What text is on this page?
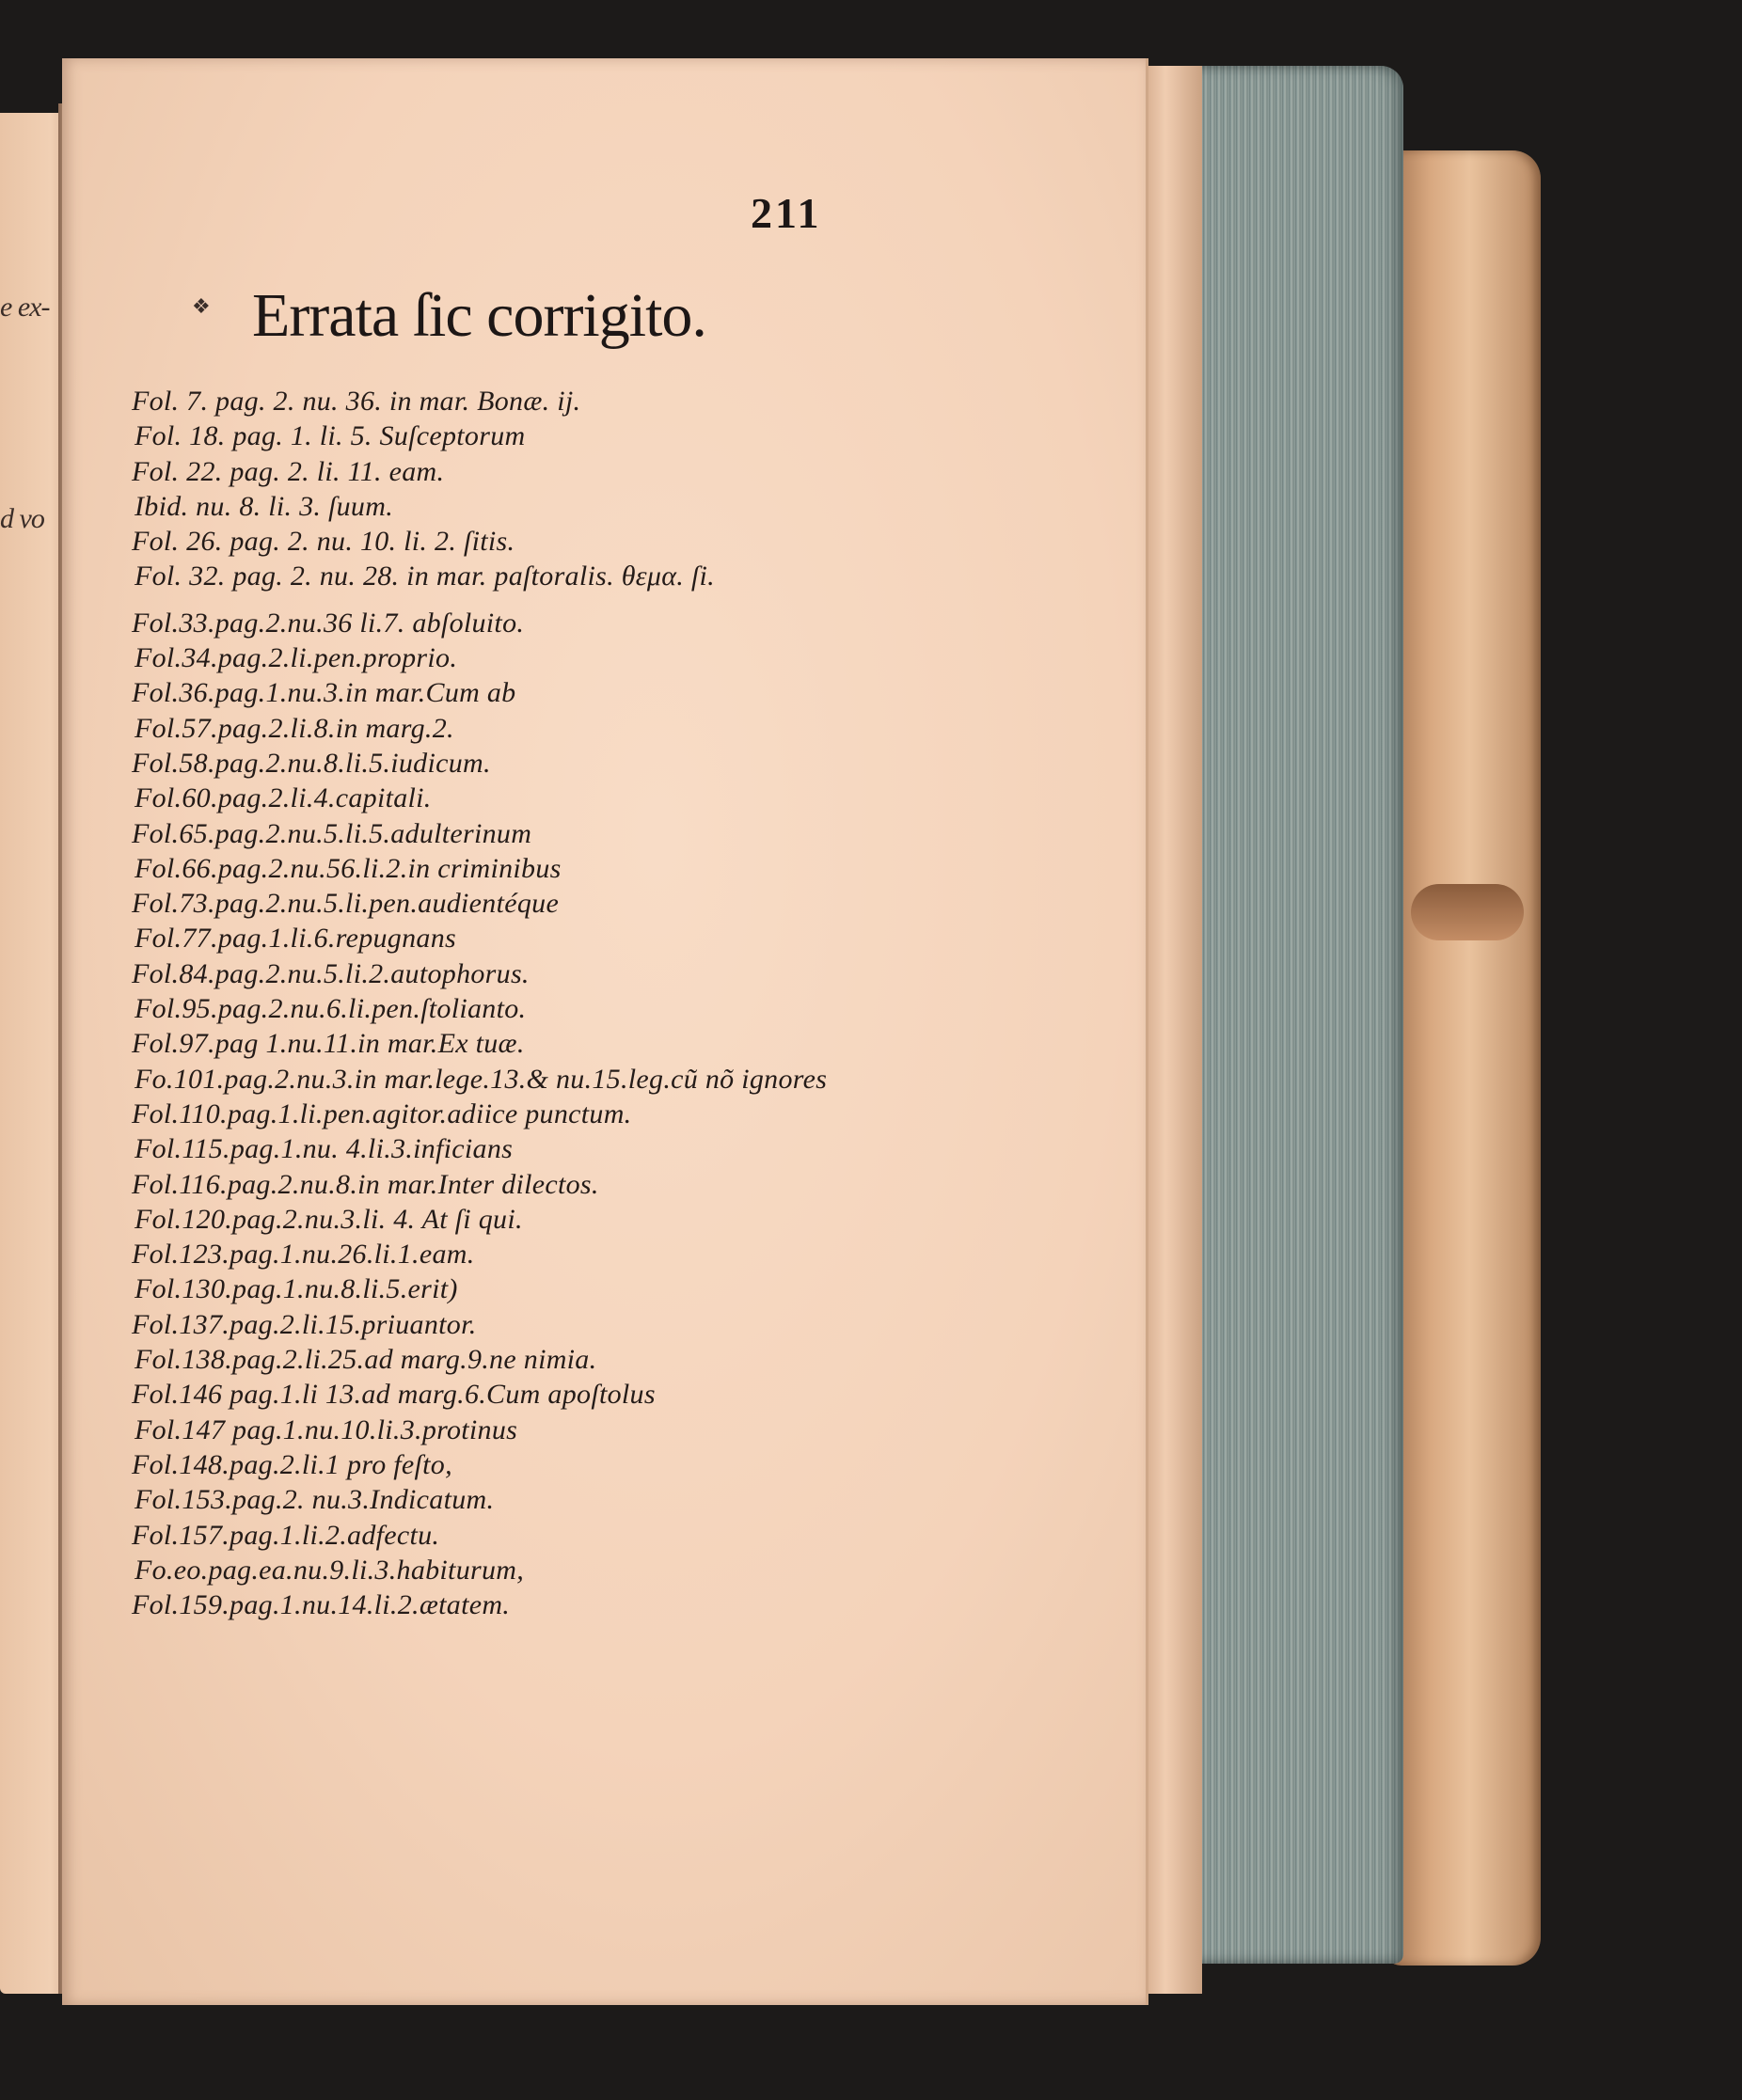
e ex-
d vo
211
❖ Errata ſic corrigito.
Fol. 7. pag. 2. nu. 36. in mar. Bonæ. ij.
Fol. 18. pag. 1. li. 5. Suſceptorum
Fol. 22. pag. 2. li. 11. eam.
Ibid. nu. 8. li. 3. ſuum.
Fol. 26. pag. 2. nu. 10. li. 2. ſitis.
Fol. 32. pag. 2. nu. 28. in mar. paſtoralis. θεμα. ſi.
Fol.33.pag.2.nu.36 li.7. abſoluito.
Fol.34.pag.2.li.pen.proprio.
Fol.36.pag.1.nu.3.in mar.Cum ab
Fol.57.pag.2.li.8.in marg.2.
Fol.58.pag.2.nu.8.li.5.iudicum.
Fol.60.pag.2.li.4.capitali.
Fol.65.pag.2.nu.5.li.5.adulterinum
Fol.66.pag.2.nu.56.li.2.in criminibus
Fol.73.pag.2.nu.5.li.pen.audientéque
Fol.77.pag.1.li.6.repugnans
Fol.84.pag.2.nu.5.li.2.autophorus.
Fol.95.pag.2.nu.6.li.pen.ſtolianto.
Fol.97.pag 1.nu.11.in mar.Ex tuæ.
Fo.101.pag.2.nu.3.in mar.lege.13.& nu.15.leg.cũ nõ ignores
Fol.110.pag.1.li.pen.agitor.adiice punctum.
Fol.115.pag.1.nu. 4.li.3.inficians
Fol.116.pag.2.nu.8.in mar.Inter dilectos.
Fol.120.pag.2.nu.3.li. 4. At ſi qui.
Fol.123.pag.1.nu.26.li.1.eam.
Fol.130.pag.1.nu.8.li.5.erit)
Fol.137.pag.2.li.15.priuantor.
Fol.138.pag.2.li.25.ad marg.9.ne nimia.
Fol.146 pag.1.li 13.ad marg.6.Cum apoſtolus
Fol.147 pag.1.nu.10.li.3.protinus
Fol.148.pag.2.li.1 pro feſto,
Fol.153.pag.2. nu.3.Indicatum.
Fol.157.pag.1.li.2.adfectu.
Fo.eo.pag.ea.nu.9.li.3.habiturum,
Fol.159.pag.1.nu.14.li.2.ætatem.
